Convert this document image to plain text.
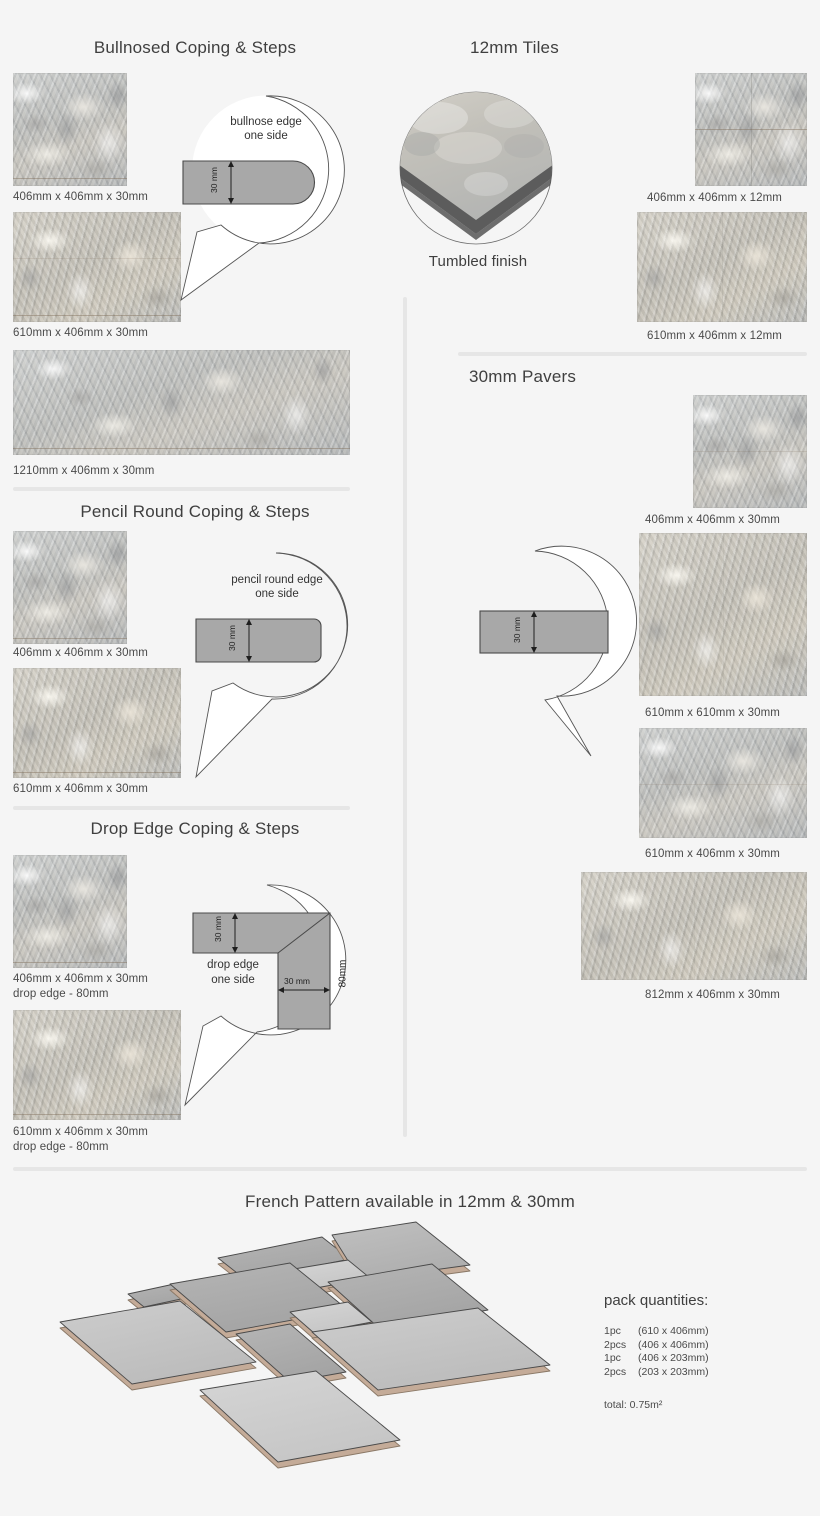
Bullnosed Coping & Steps
406mm x 406mm x 30mm
610mm x 406mm x 30mm
1210mm x 406mm x 30mm
bullnose edge
one side
30 mm
Pencil Round Coping & Steps
406mm x 406mm x 30mm
610mm x 406mm x 30mm
pencil round edge
one side
30 mm
Drop Edge Coping & Steps
406mm x 406mm x 30mm
drop edge - 80mm
610mm x 406mm x 30mm
drop edge - 80mm
drop edge
one side
30 mm
30 mm	80mm
12mm Tiles
Tumbled finish
406mm x 406mm x 12mm
610mm x 406mm x 12mm
30mm Pavers
406mm x 406mm x 30mm
610mm x 610mm x 30mm
610mm x 406mm x 30mm
812mm x 406mm x 30mm
30 mm
French Pattern available in 12mm & 30mm
pack quantities:
1pc (610 x 406mm)
2pcs (406 x 406mm)
1pc (406 x 203mm)
2pcs (203 x 203mm)
total: 0.75m²
